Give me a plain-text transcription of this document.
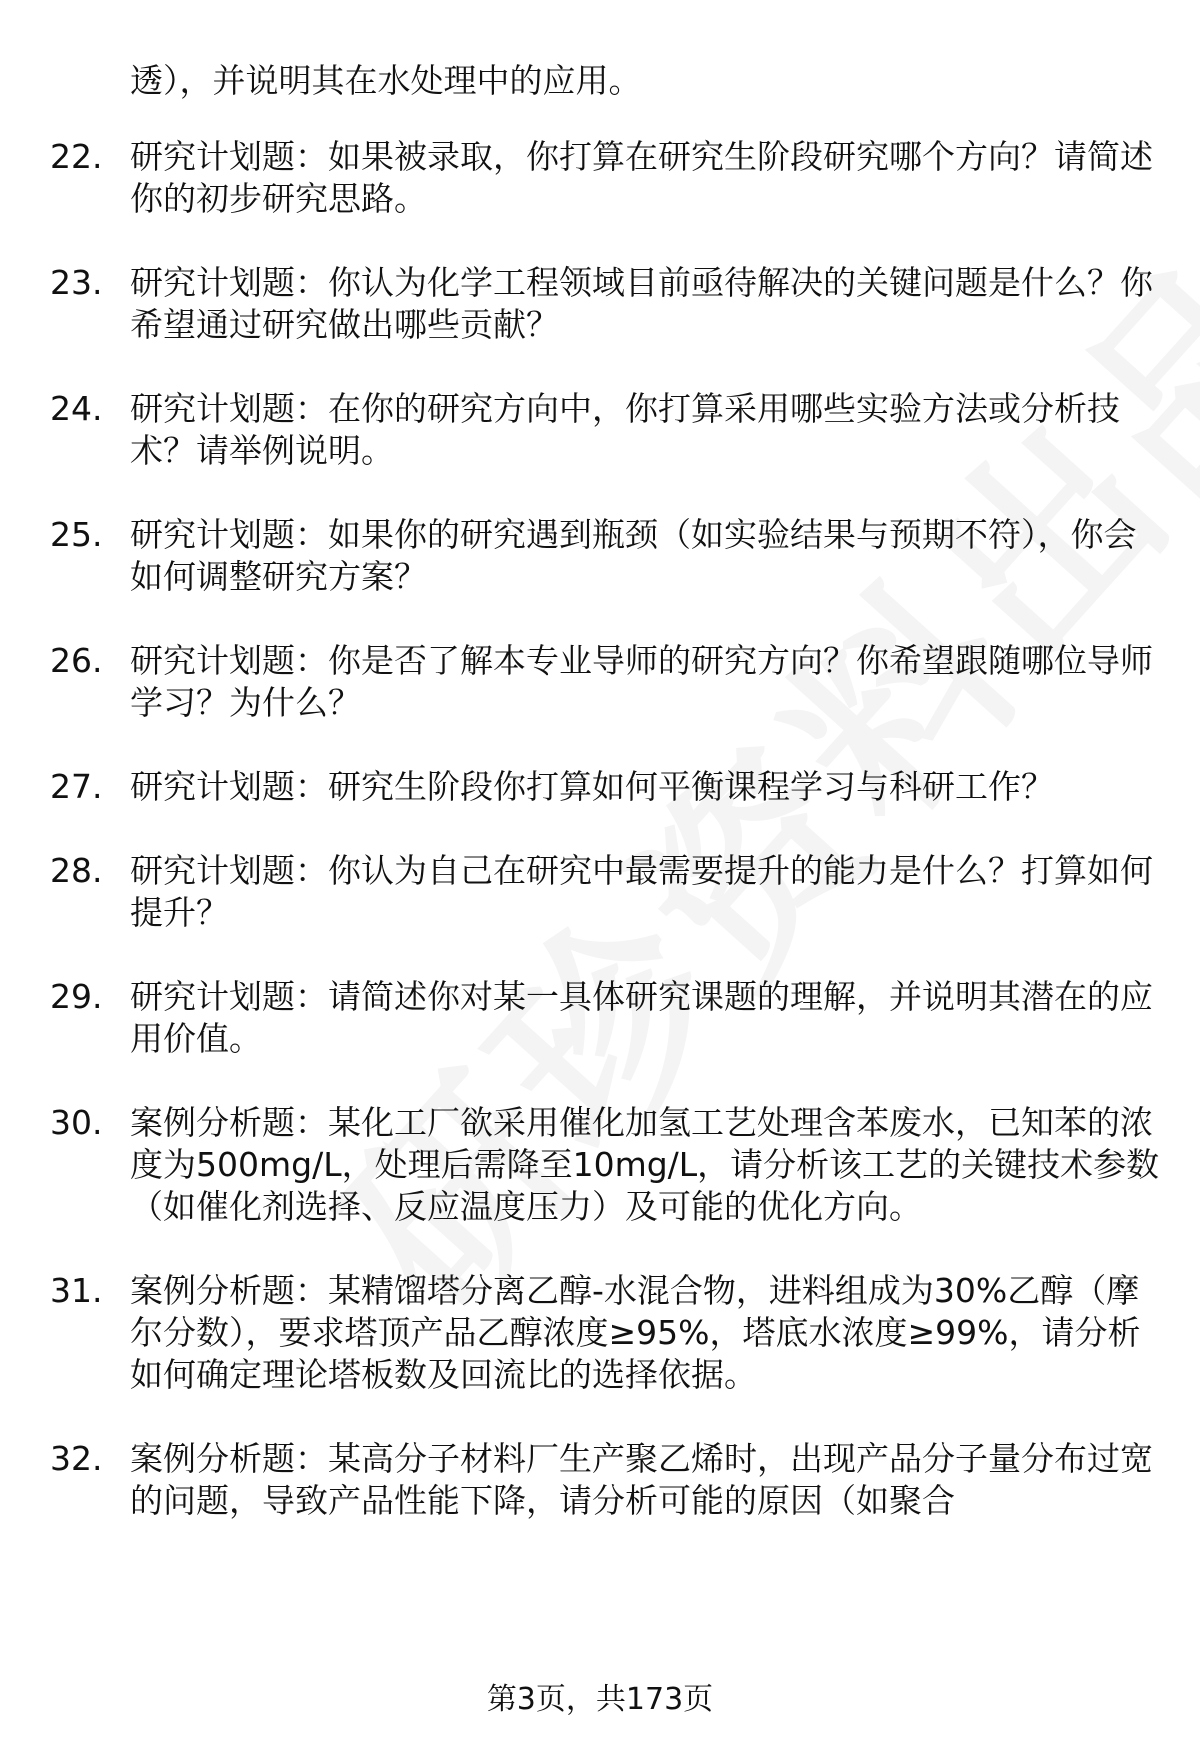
透），并说明其在水处理中的应用。

22. 研究计划题：如果被录取，你打算在研究生阶段研究哪个方向？请简述你的初步研究思路。
23. 研究计划题：你认为化学工程领域目前亟待解决的关键问题是什么？你希望通过研究做出哪些贡献？
24. 研究计划题：在你的研究方向中，你打算采用哪些实验方法或分析技术？请举例说明。
25. 研究计划题：如果你的研究遇到瓶颈（如实验结果与预期不符），你会如何调整研究方案？
26. 研究计划题：你是否了解本专业导师的研究方向？你希望跟随哪位导师学习？为什么？
27. 研究计划题：研究生阶段你打算如何平衡课程学习与科研工作？
28. 研究计划题：你认为自己在研究中最需要提升的能力是什么？打算如何提升？
29. 研究计划题：请简述你对某一具体研究课题的理解，并说明其潜在的应用价值。
30. 案例分析题：某化工厂欲采用催化加氢工艺处理含苯废水，已知苯的浓度为500mg/L，处理后需降至10mg/L，请分析该工艺的关键技术参数（如催化剂选择、反应温度压力）及可能的优化方向。
31. 案例分析题：某精馏塔分离乙醇-水混合物，进料组成为30%乙醇（摩尔分数），要求塔顶产品乙醇浓度≥95%，塔底水浓度≥99%，请分析如何确定理论塔板数及回流比的选择依据。
32. 案例分析题：某高分子材料厂生产聚乙烯时，出现产品分子量分布过宽的问题，导致产品性能下降，请分析可能的原因（如聚合
第3页，共173页
